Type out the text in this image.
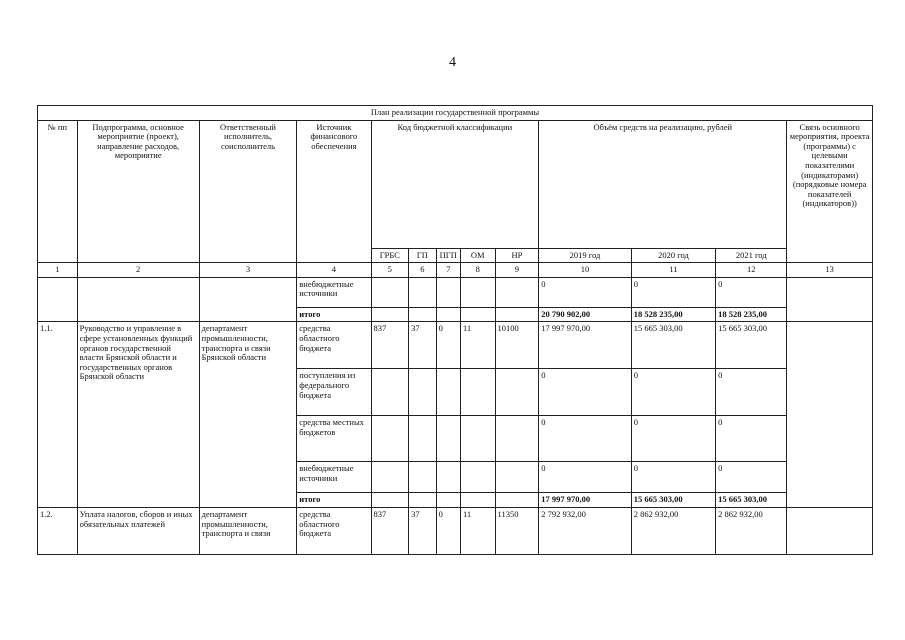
4
План реализации государственной программы												
№ пп	Подпрограмма, основное мероприятие (проект), направление расходов, мероприятие	Ответственный исполнитель, соисполнитель	Источник финансового обеспечения	Код бюджетной классификации					Объём средств на реализацию, рублей			Связь основного мероприятия, проекта (программы) с целевыми показателями (индикаторами) (порядковые номера показателей (индикаторов))
				ГРБС	ГП	ПГП	ОМ	НР	2019 год	2020 год	2021 год	
1	2	3	4	5	6	7	8	9	10	11	12	13
			внебюджетные источники						0	0	0	
			итого						20 790 902,00	18 528 235,00	18 528 235,00	
1.1.	Руководство и управление в сфере установленных функций органов государственной власти Брянской области и государственных органов Брянской области	департамент промышленности, транспорта и связи Брянской области	средства областного бюджета	837	37	0	11	10100	17 997 970,00	15 665 303,00	15 665 303,00	
			поступления из федерального бюджета						0	0	0	
			средства местных бюджетов						0	0	0	
			внебюджетные источники						0	0	0	
			итого						17 997 970,00	15 665 303,00	15 665 303,00	
1.2.	Уплата налогов, сборов и иных обязательных платежей	департамент промышленности, транспорта и связи	средства областного бюджета	837	37	0	11	11350	2 792 932,00	2 862 932,00	2 862 932,00	
